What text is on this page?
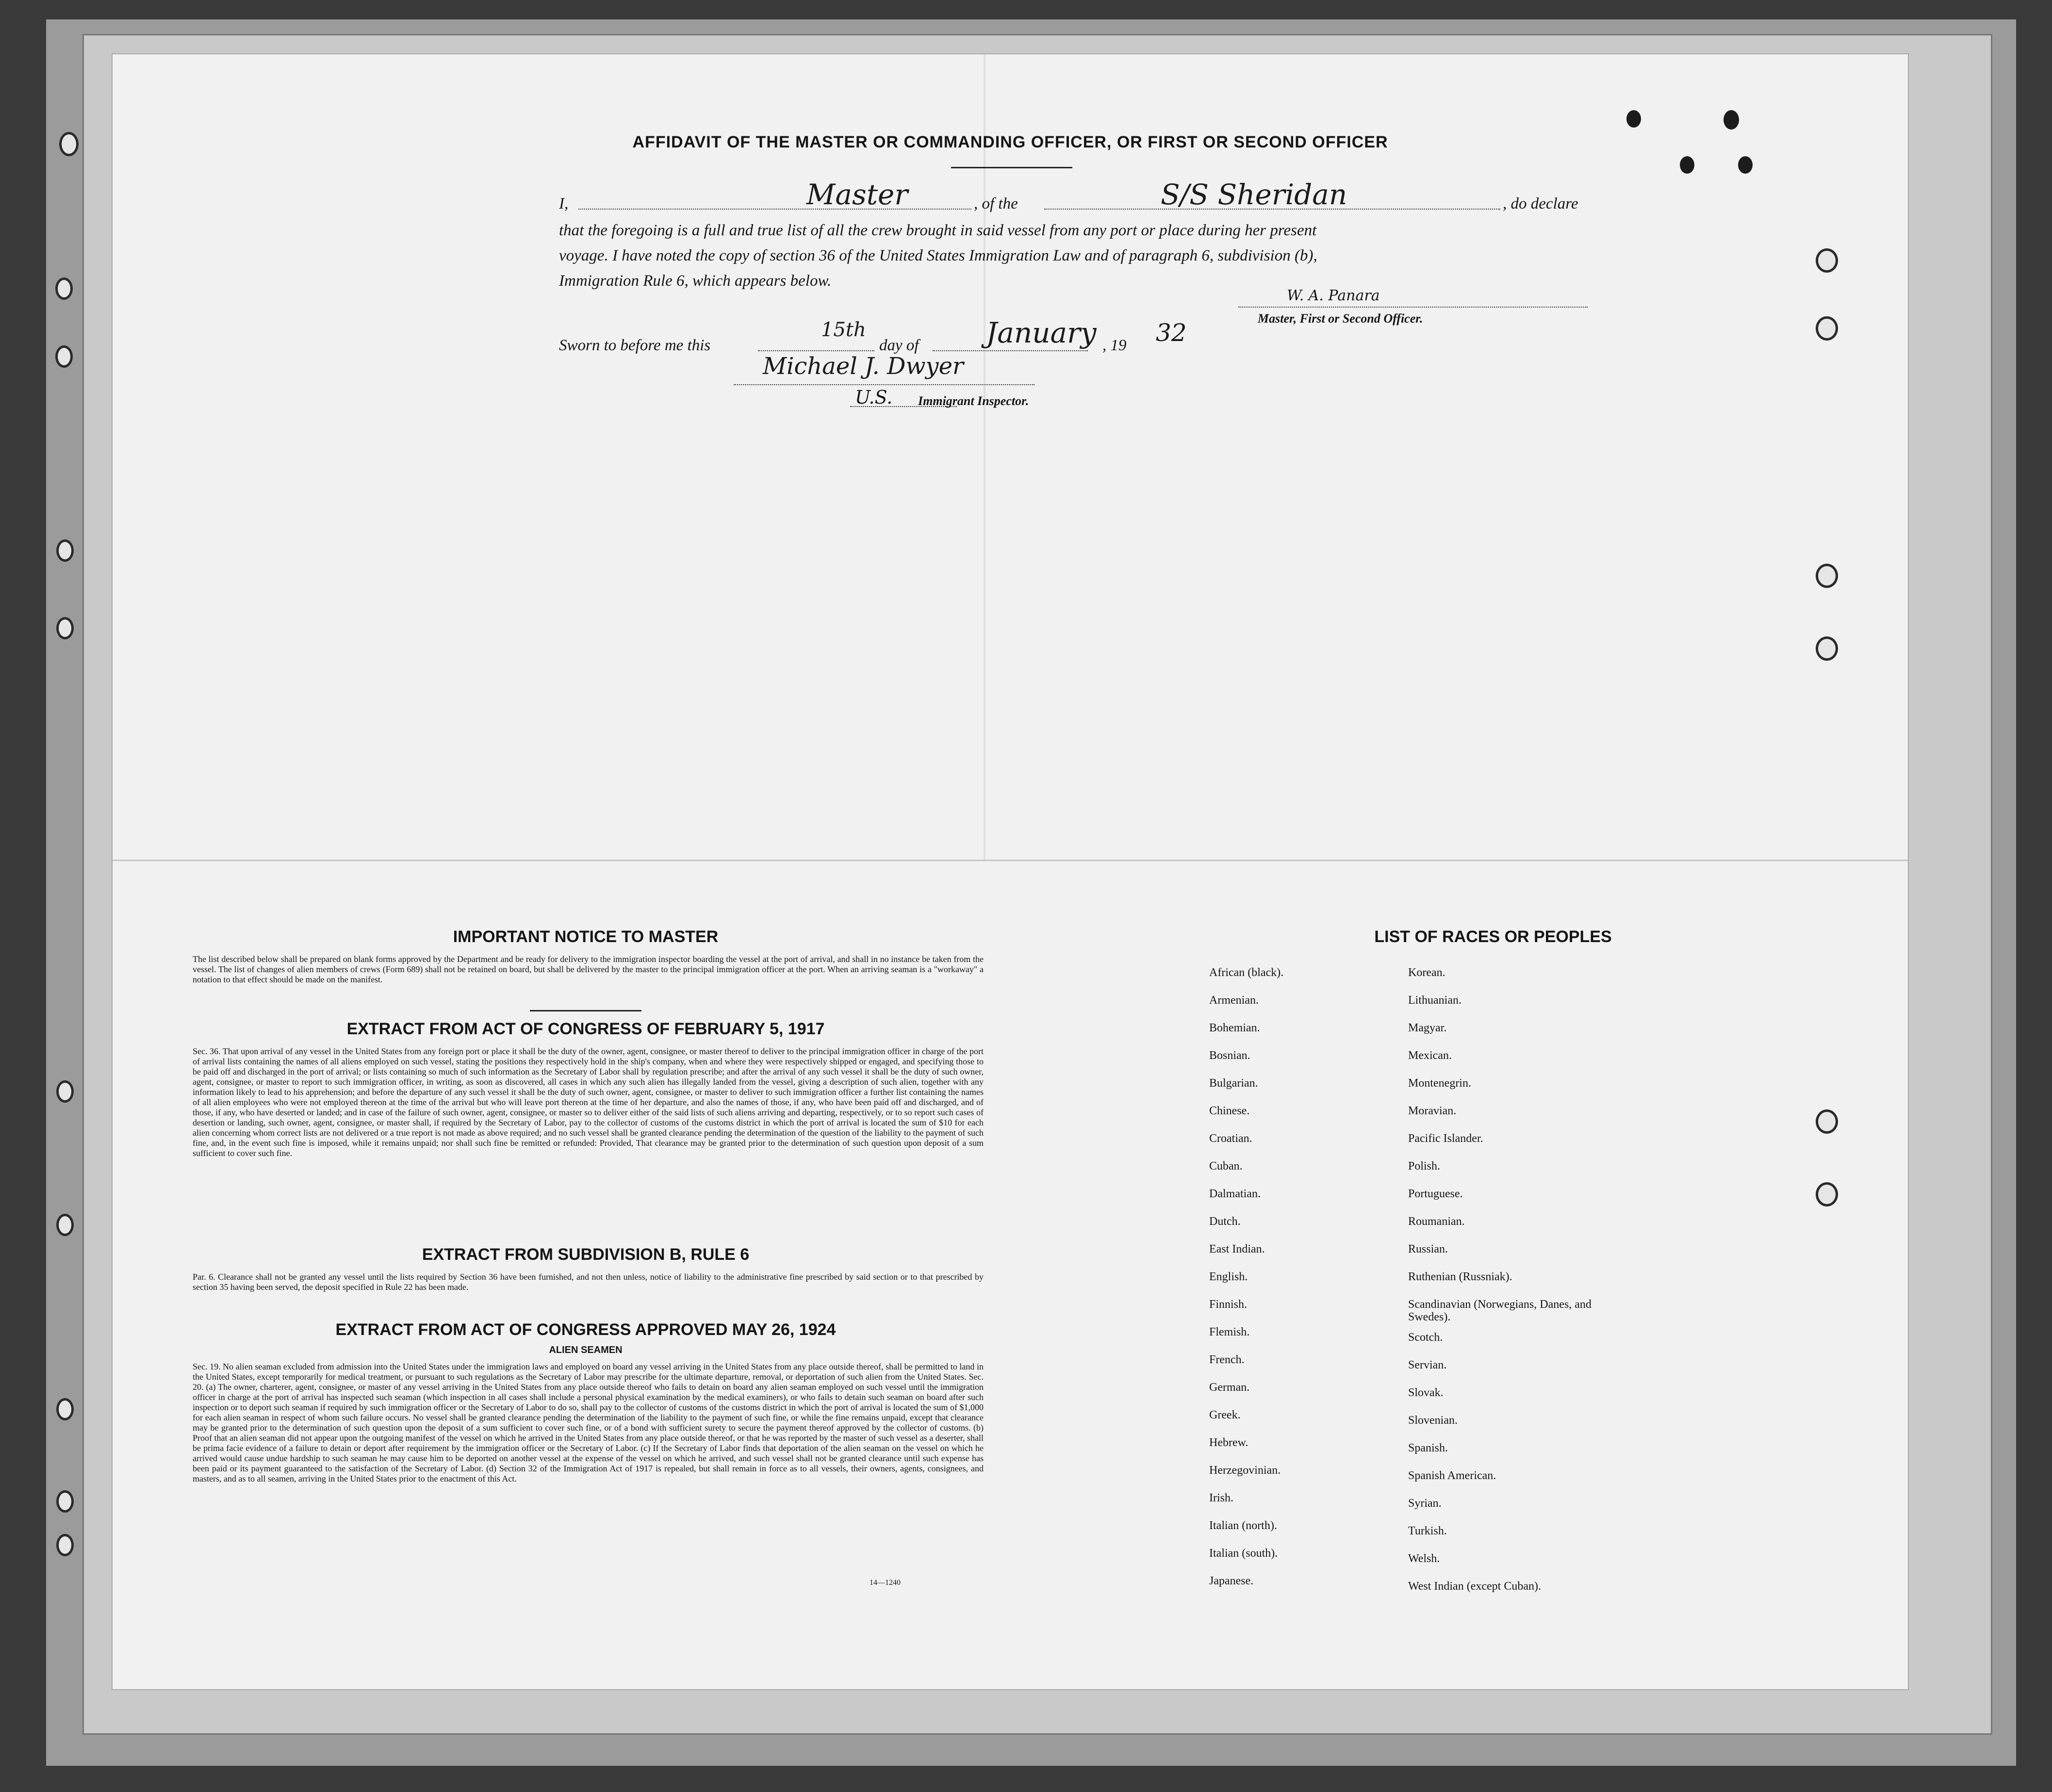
AFFIDAVIT OF THE MASTER OR COMMANDING OFFICER, OR FIRST OR SECOND OFFICER
I,	Master	, of the	S/S Sheridan	, do declare
that the foregoing is a full and true list of all the crew brought in said vessel from any port or place during her present
voyage. I have noted the copy of section 36 of the United States Immigration Law and of paragraph 6, subdivision (b),
Immigration Rule 6, which appears below.
W. A. Panara
Master, First or Second Officer.
Sworn to before me this
15th
day of January , 19 32
Michael J. Dwyer
U.S. Immigrant Inspector.
IMPORTANT NOTICE TO MASTER
The list described below shall be prepared on blank forms approved by the Department and be ready for delivery to the immigration inspector boarding the vessel at the port of arrival, and shall in no instance be taken from the vessel. The list of changes of alien members of crews (Form 689) shall not be retained on board, but shall be delivered by the master to the principal immigration officer at the port. When an arriving seaman is a "workaway" a notation to that effect should be made on the manifest.
EXTRACT FROM ACT OF CONGRESS OF FEBRUARY 5, 1917
Sec. 36. That upon arrival of any vessel in the United States from any foreign port or place it shall be the duty of the owner, agent, consignee, or master thereof to deliver to the principal immigration officer in charge of the port of arrival lists containing the names of all aliens employed on such vessel, stating the positions they respectively hold in the ship's company, when and where they were respectively shipped or engaged, and specifying those to be paid off and discharged in the port of arrival; or lists containing so much of such information as the Secretary of Labor shall by regulation prescribe; and after the arrival of any such vessel it shall be the duty of such owner, agent, consignee, or master to report to such immigration officer, in writing, as soon as discovered, all cases in which any such alien has illegally landed from the vessel, giving a description of such alien, together with any information likely to lead to his apprehension; and before the departure of any such vessel it shall be the duty of such owner, agent, consignee, or master to deliver to such immigration officer a further list containing the names of all alien employees who were not employed thereon at the time of the arrival but who will leave port thereon at the time of her departure, and also the names of those, if any, who have been paid off and discharged, and of those, if any, who have deserted or landed; and in case of the failure of such owner, agent, consignee, or master so to deliver either of the said lists of such aliens arriving and departing, respectively, or to so report such cases of desertion or landing, such owner, agent, consignee, or master shall, if required by the Secretary of Labor, pay to the collector of customs of the customs district in which the port of arrival is located the sum of $10 for each alien concerning whom correct lists are not delivered or a true report is not made as above required; and no such vessel shall be granted clearance pending the determination of the question of the liability to the payment of such fine, and, in the event such fine is imposed, while it remains unpaid; nor shall such fine be remitted or refunded: Provided, That clearance may be granted prior to the determination of such question upon deposit of a sum sufficient to cover such fine.
EXTRACT FROM SUBDIVISION B, RULE 6
Par. 6. Clearance shall not be granted any vessel until the lists required by Section 36 have been furnished, and not then unless, notice of liability to the administrative fine prescribed by said section or to that prescribed by section 35 having been served, the deposit specified in Rule 22 has been made.
EXTRACT FROM ACT OF CONGRESS APPROVED MAY 26, 1924
ALIEN SEAMEN
Sec. 19. No alien seaman excluded from admission into the United States under the immigration laws and employed on board any vessel arriving in the United States from any place outside thereof, shall be permitted to land in the United States, except temporarily for medical treatment, or pursuant to such regulations as the Secretary of Labor may prescribe for the ultimate departure, removal, or deportation of such alien from the United States. Sec. 20. (a) The owner, charterer, agent, consignee, or master of any vessel arriving in the United States from any place outside thereof who fails to detain on board any alien seaman employed on such vessel until the immigration officer in charge at the port of arrival has inspected such seaman (which inspection in all cases shall include a personal physical examination by the medical examiners), or who fails to detain such seaman on board after such inspection or to deport such seaman if required by such immigration officer or the Secretary of Labor to do so, shall pay to the collector of customs of the customs district in which the port of arrival is located the sum of $1,000 for each alien seaman in respect of whom such failure occurs. No vessel shall be granted clearance pending the determination of the liability to the payment of such fine, or while the fine remains unpaid, except that clearance may be granted prior to the determination of such question upon the deposit of a sum sufficient to cover such fine, or of a bond with sufficient surety to secure the payment thereof approved by the collector of customs. (b) Proof that an alien seaman did not appear upon the outgoing manifest of the vessel on which he arrived in the United States from any place outside thereof, or that he was reported by the master of such vessel as a deserter, shall be prima facie evidence of a failure to detain or deport after requirement by the immigration officer or the Secretary of Labor. (c) If the Secretary of Labor finds that deportation of the alien seaman on the vessel on which he arrived would cause undue hardship to such seaman he may cause him to be deported on another vessel at the expense of the vessel on which he arrived, and such vessel shall not be granted clearance until such expense has been paid or its payment guaranteed to the satisfaction of the Secretary of Labor. (d) Section 32 of the Immigration Act of 1917 is repealed, but shall remain in force as to all vessels, their owners, agents, consignees, and masters, and as to all seamen, arriving in the United States prior to the enactment of this Act.
14—1240
LIST OF RACES OR PEOPLES
African (black).
Armenian.
Bohemian.
Bosnian.
Bulgarian.
Chinese.
Croatian.
Cuban.
Dalmatian.
Dutch.
East Indian.
English.
Finnish.
Flemish.
French.
German.
Greek.
Hebrew.
Herzegovinian.
Irish.
Italian (north).
Italian (south).
Japanese.
Korean.
Lithuanian.
Magyar.
Mexican.
Montenegrin.
Moravian.
Pacific Islander.
Polish.
Portuguese.
Roumanian.
Russian.
Ruthenian (Russniak).
Scandinavian (Norwegians, Danes, and Swedes).
Scotch.
Servian.
Slovak.
Slovenian.
Spanish.
Spanish American.
Syrian.
Turkish.
Welsh.
West Indian (except Cuban).
